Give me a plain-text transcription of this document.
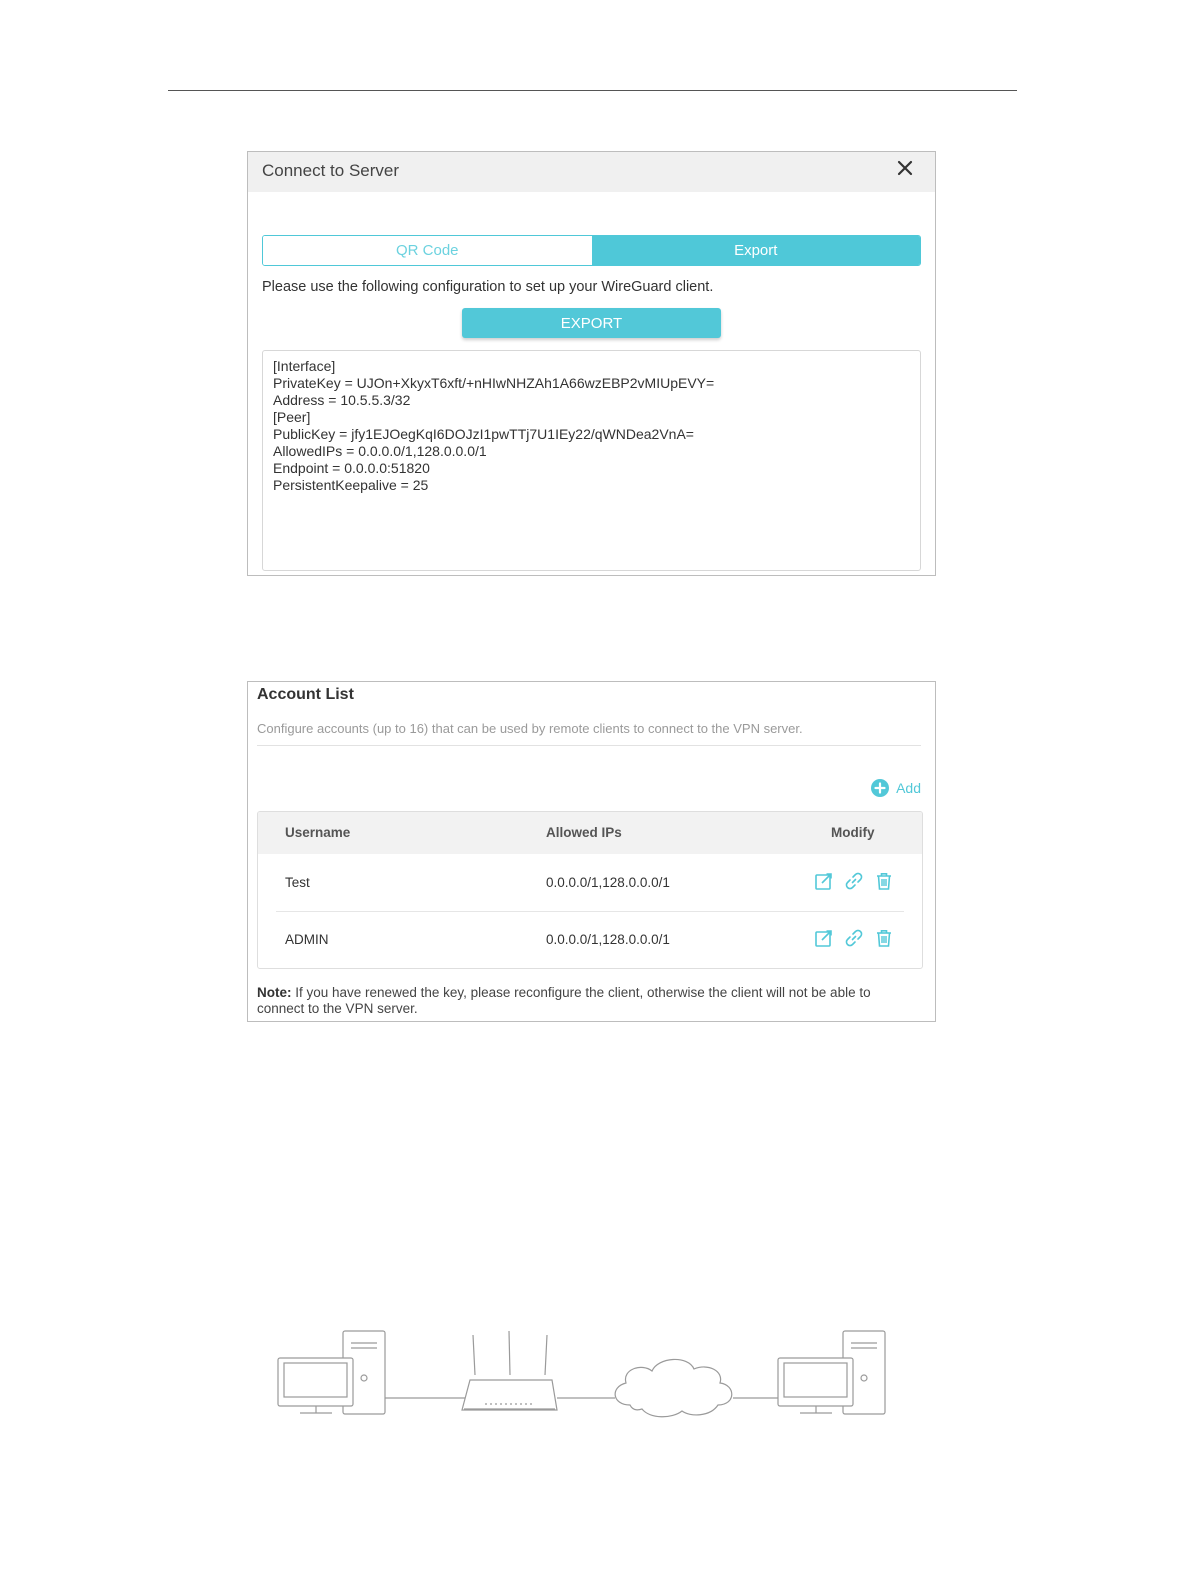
Connect to Server
QR Code	Export
Please use the following configuration to set up your WireGuard client.
EXPORT
[Interface]
PrivateKey = UJOn+XkyxT6xft/+nHIwNHZAh1A66wzEBP2vMIUpEVY=
Address = 10.5.5.3/32
[Peer]
PublicKey = jfy1EJOegKqI6DOJzI1pwTTj7U1IEy22/qWNDea2VnA=
AllowedIPs = 0.0.0.0/1,128.0.0.0/1
Endpoint = 0.0.0.0:51820
PersistentKeepalive = 25
Account List
Configure accounts (up to 16) that can be used by remote clients to connect to the VPN server.
Add
Username	Allowed IPs	Modify
Test	0.0.0.0/1,128.0.0.0/1
ADMIN	0.0.0.0/1,128.0.0.0/1
Note: If you have renewed the key, please reconfigure the client, otherwise the client will not be able to connect to the VPN server.
